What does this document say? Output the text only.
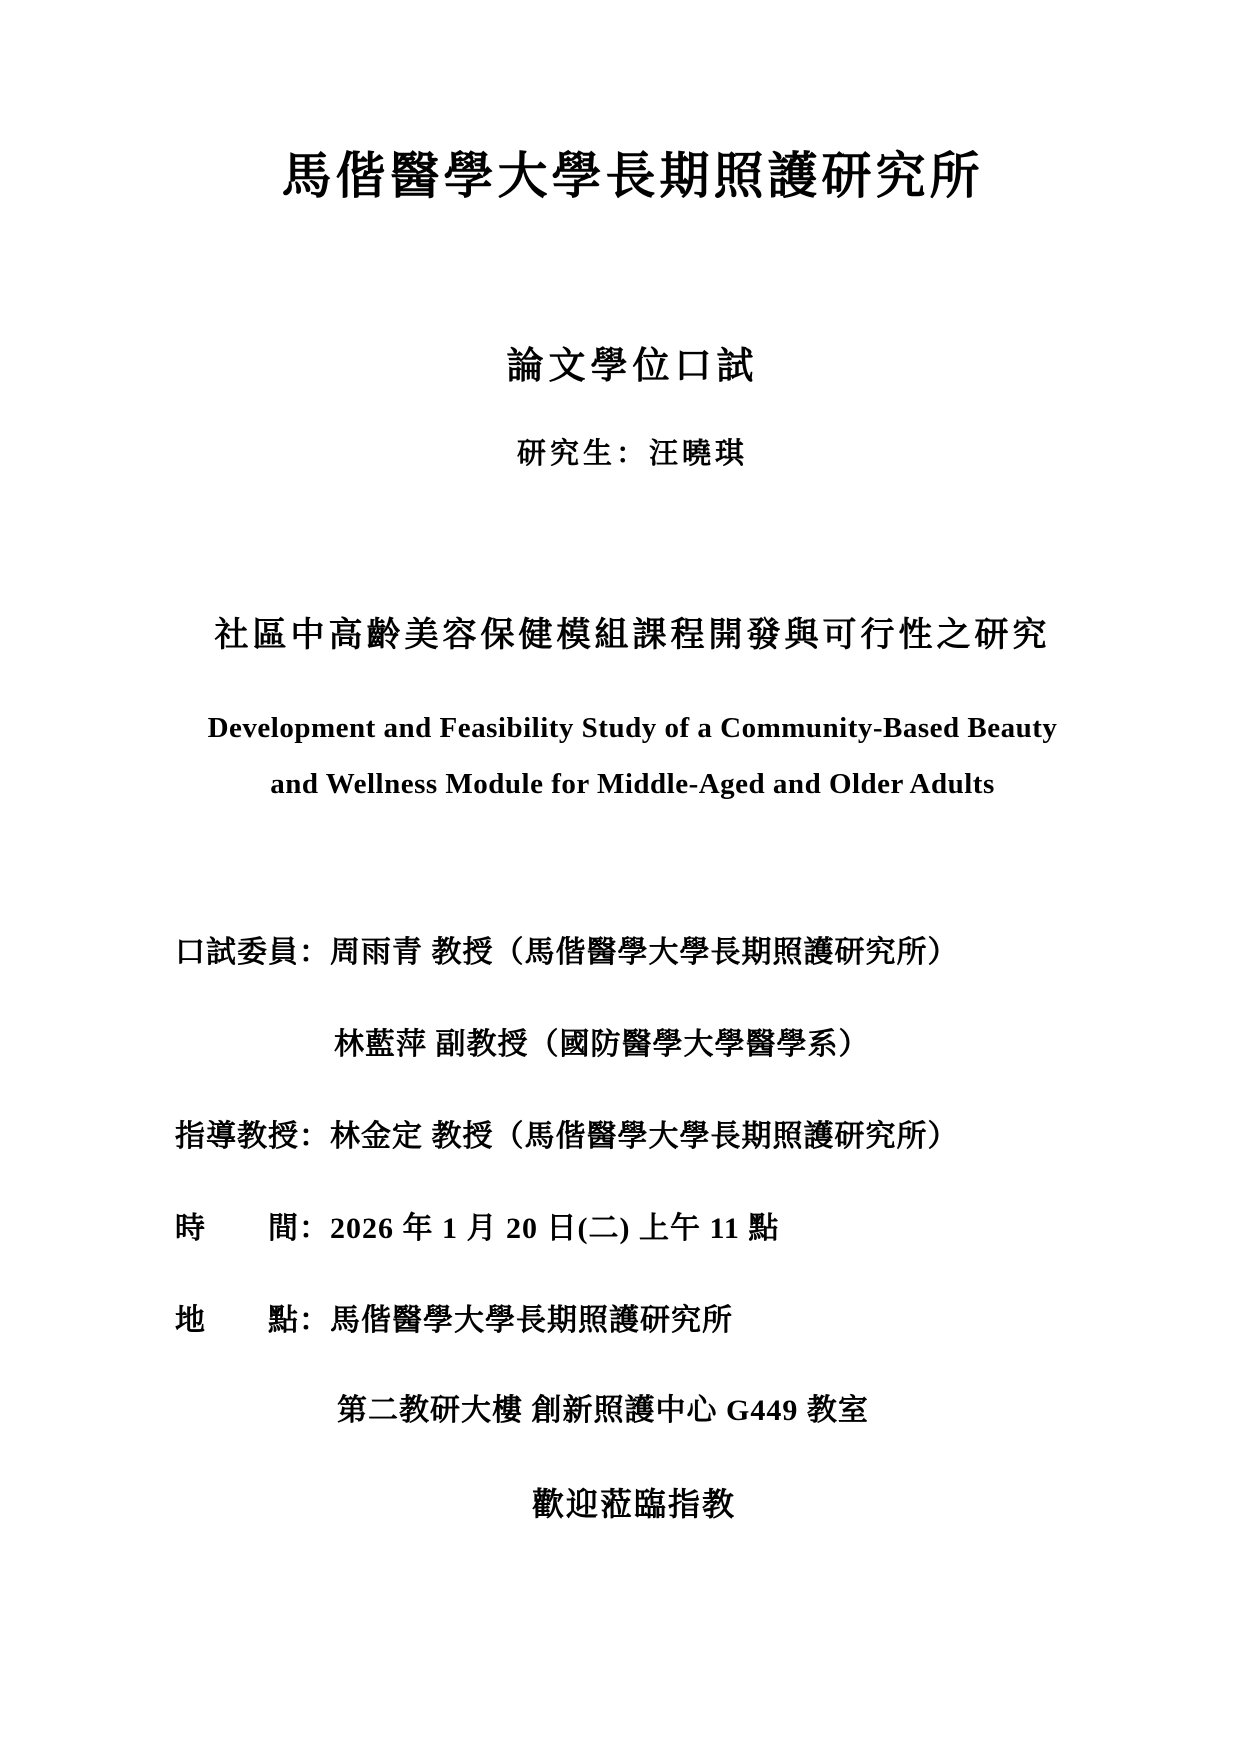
馬偕醫學大學長期照護研究所
論文學位口試
研究生：汪曉琪
社區中高齡美容保健模組課程開發與可行性之研究
Development and Feasibility Study of a Community-Based Beauty
and Wellness Module for Middle-Aged and Older Adults
口試委員：周雨青 教授（馬偕醫學大學長期照護研究所）
林藍萍 副教授（國防醫學大學醫學系）
指導教授：林金定 教授（馬偕醫學大學長期照護研究所）
時　　間：2026 年 1 月 20 日(二) 上午 11 點
地　　點：馬偕醫學大學長期照護研究所
第二教研大樓 創新照護中心 G449 教室
歡迎蒞臨指教
